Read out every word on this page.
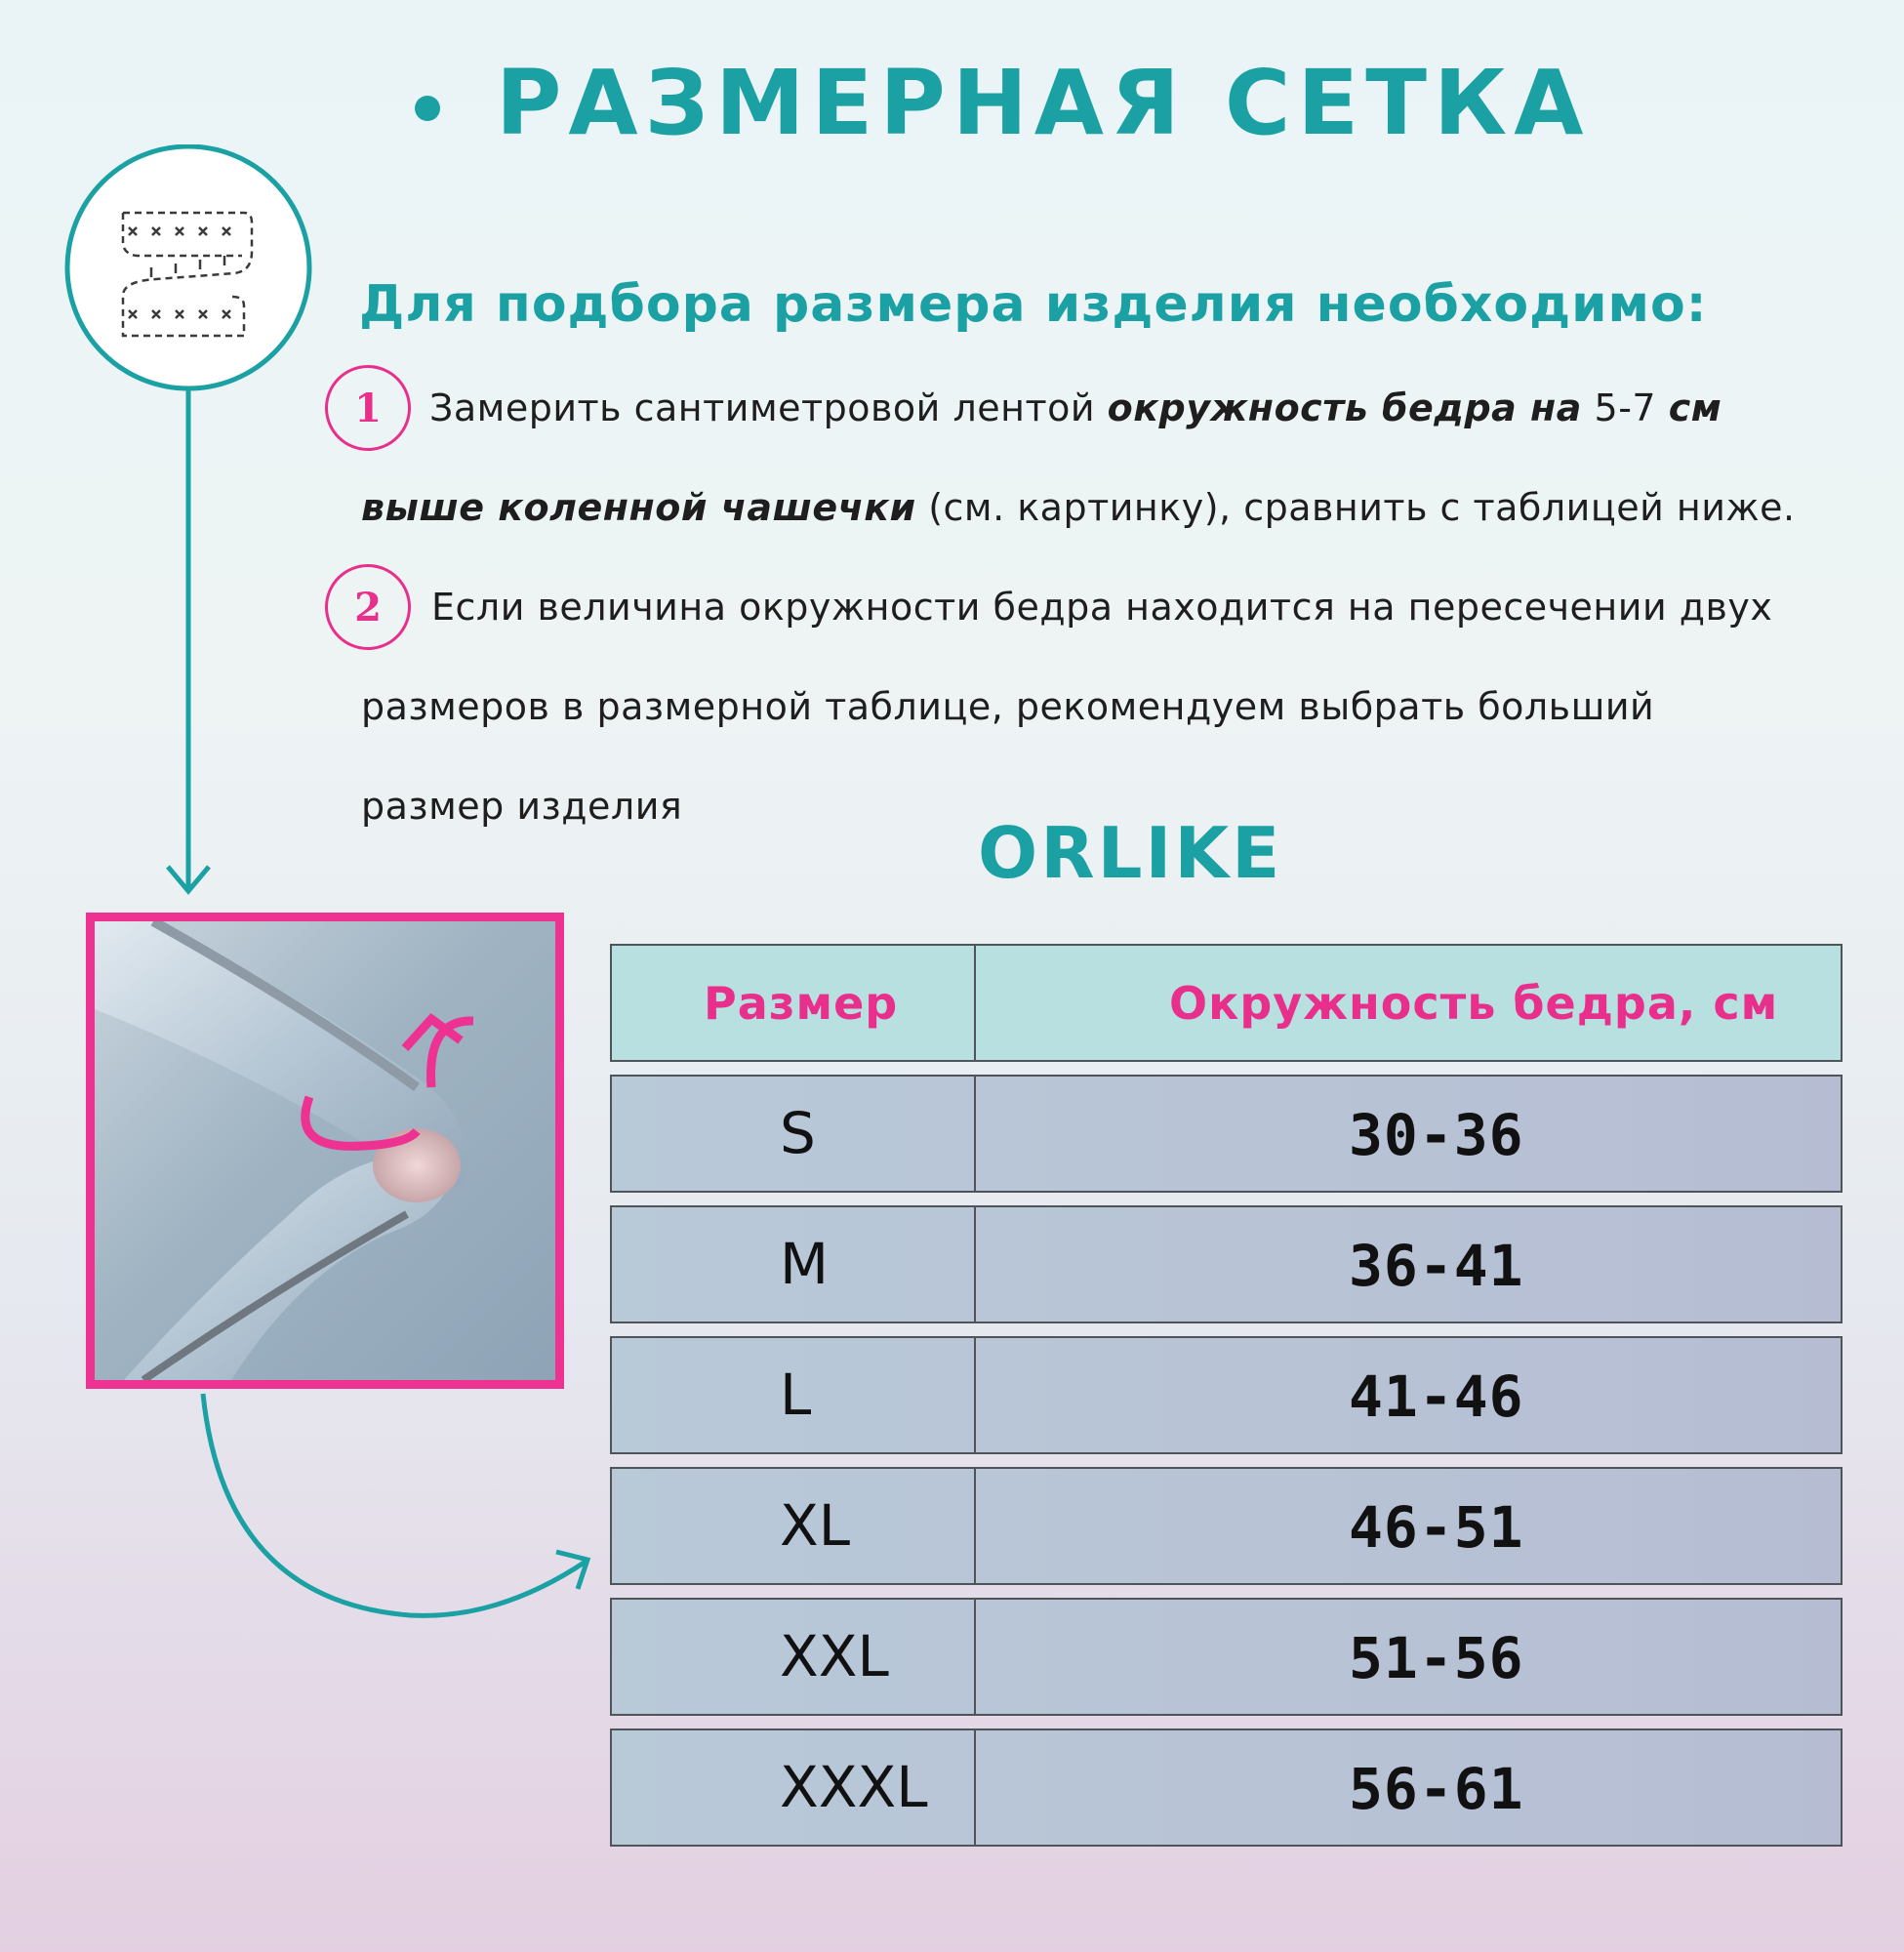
РАЗМЕРНАЯ СЕТКА
Для подбора размера изделия необходимо:
1	Замерить сантиметровой лентой окружность бедра на 5-7 см
выше коленной чашечки (см. картинку), сравнить с таблицей ниже.
2	Если величина окружности бедра находится на пересечении двух
размеров в размерной таблице, рекомендуем выбрать больший
размер изделия
ORLIKE
Размер	Окружность бедра, см
S	30-36
M	36-41
L	41-46
XL	46-51
XXL	51-56
XXXL	56-61
